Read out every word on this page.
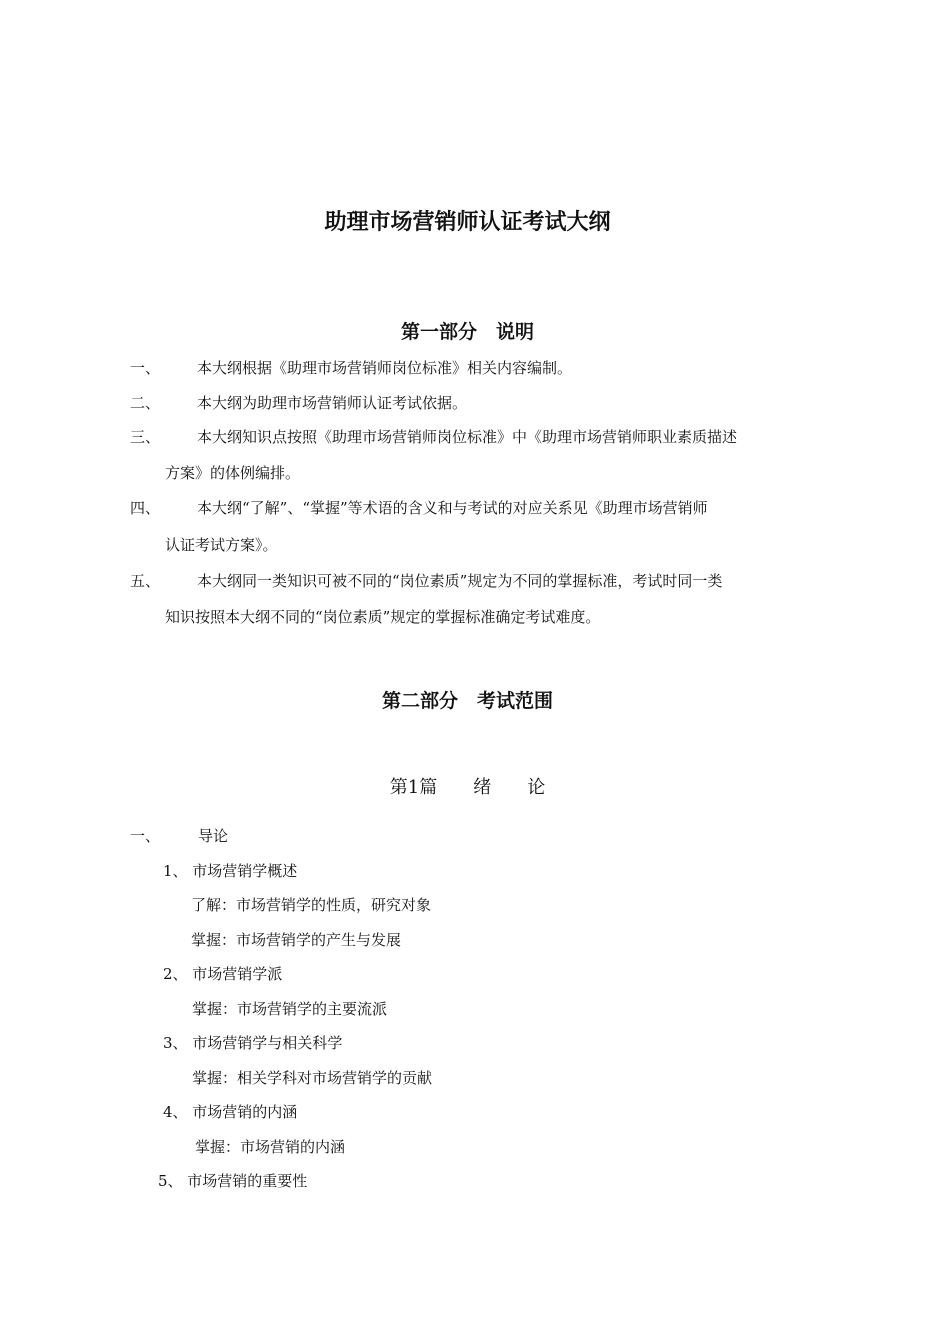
助理市场营销师认证考试大纲
第一部分　说明
一、 本大纲根据《助理市场营销师岗位标准》相关内容编制。
二、 本大纲为助理市场营销师认证考试依据。
三、 本大纲知识点按照《助理市场营销师岗位标准》中《助理市场营销师职业素质描述
方案》的体例编排。
四、 本大纲“了解”、“掌握”等术语的含义和与考试的对应关系见《助理市场营销师
认证考试方案》。
五、 本大纲同一类知识可被不同的“岗位素质”规定为不同的掌握标准，考试时同一类
知识按照本大纲不同的“岗位素质”规定的掌握标准确定考试难度。
第二部分　考试范围
第1篇　　绪　　论
一、	导论
1、 市场营销学概述
了解：市场营销学的性质，研究对象
掌握：市场营销学的产生与发展
2、 市场营销学派
掌握：市场营销学的主要流派
3、 市场营销学与相关科学
掌握：相关学科对市场营销学的贡献
4、 市场营销的内涵
掌握：市场营销的内涵
5、 市场营销的重要性
